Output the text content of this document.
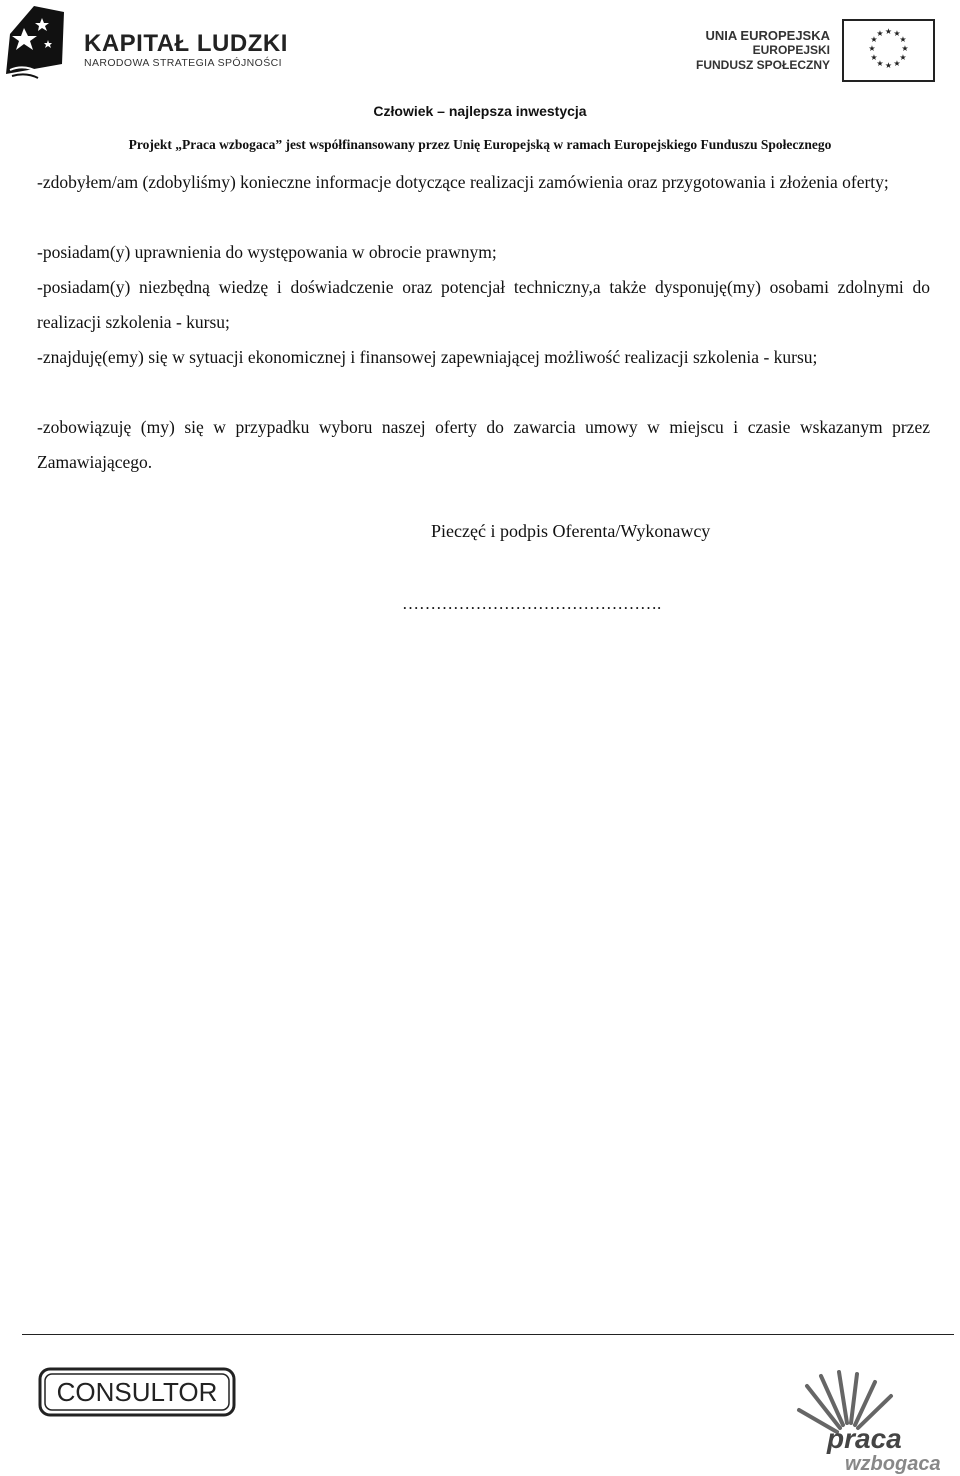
KAPITAŁ LUDZKI
NARODOWA STRATEGIA SPÓJNOŚCI
UNIA EUROPEJSKA
EUROPEJSKI
FUNDUSZ SPOŁECZNY
★ ★
★
★
★
★
★
★
★
★
★
★
Człowiek – najlepsza inwestycja
Projekt „Praca wzbogaca” jest współfinansowany przez Unię Europejską w ramach Europejskiego Funduszu Społecznego
-zdobyłem/am (zdobyliśmy) konieczne informacje dotyczące realizacji zamówienia oraz przygotowania i złożenia oferty;
-posiadam(y) uprawnienia do występowania w obrocie prawnym;
-posiadam(y) niezbędną wiedzę i doświadczenie oraz potencjał techniczny,a także dysponuję(my) osobami zdolnymi do realizacji szkolenia - kursu;
-znajduję(emy) się w sytuacji ekonomicznej i finansowej zapewniającej możliwość realizacji szkolenia - kursu;
-zobowiązuję (my) się w przypadku wyboru naszej oferty do zawarcia umowy w miejscu i czasie wskazanym przez Zamawiającego.
Pieczęć i podpis Oferenta/Wykonawcy
……………………………………….
CONSULTOR
praca
wzbogaca
